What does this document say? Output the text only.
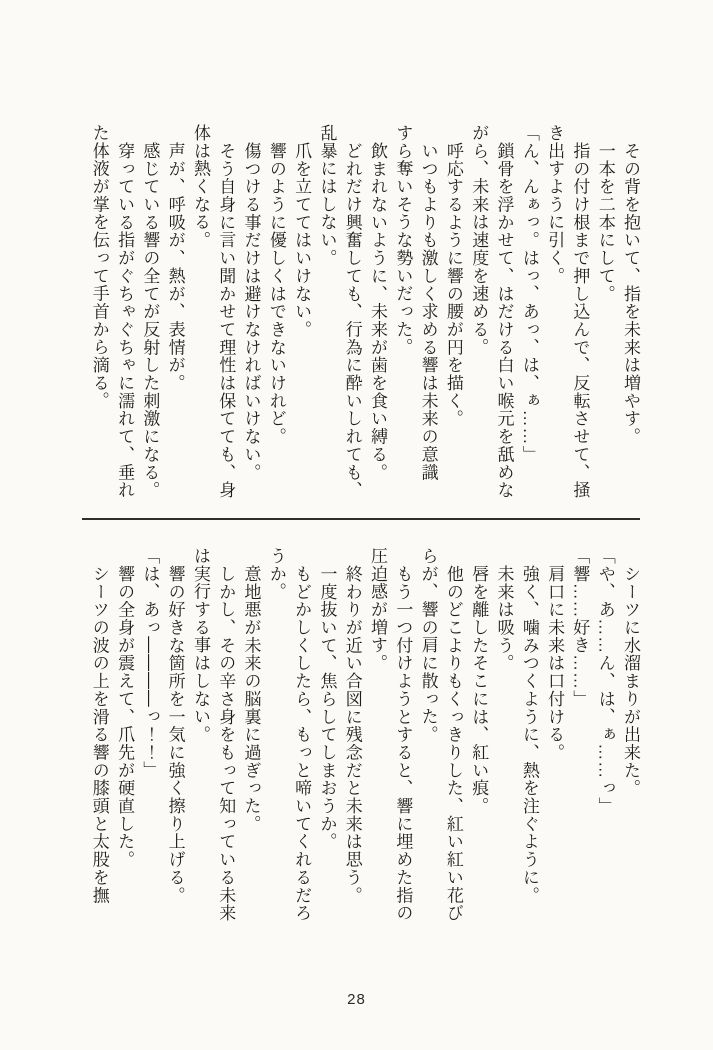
その背を抱いて、指を未来は増やす。
一本を二本にして。
指の付け根まで押し込んで、反転させて、掻
き出すように引く。
「ん、んぁっ。はっ、あっ、は、ぁ……」
鎖骨を浮かせて、はだける白い喉元を舐めな
がら、未来は速度を速める。
呼応するように響の腰が円を描く。
いつもよりも激しく求める響は未来の意識
すら奪いそうな勢いだった。
飲まれないように、未来が歯を食い縛る。
どれだけ興奮しても、行為に酔いしれても、
乱暴にはしない。
爪を立ててはいけない。
響のように優しくはできないけれど。
傷つける事だけは避けなければいけない。
そう自身に言い聞かせて理性は保てても、身
体は熱くなる。
声が、呼吸が、熱が、表情が。
感じている響の全てが反射した刺激になる。
穿っている指がぐちゃぐちゃに濡れて、垂れ
た体液が掌を伝って手首から滴る。
シーツに水溜まりが出来た。
「や、あ……ん、は、ぁ……っ」
「響……好き……」
肩口に未来は口付ける。
強く、噛みつくように、熱を注ぐように。
未来は吸う。
唇を離したそこには、紅い痕。
他のどこよりもくっきりした、紅い紅い花び
らが、響の肩に散った。
もう一つ付けようとすると、響に埋めた指の
圧迫感が増す。
終わりが近い合図に残念だと未来は思う。
一度抜いて、焦らしてしまおうか。
もどかしくしたら、もっと啼いてくれるだろ
うか。
意地悪が未来の脳裏に過ぎった。
しかし、その辛さ身をもって知っている未来
は実行する事はしない。
響の好きな箇所を一気に強く擦り上げる。
「は、あっ――――っ！！」
響の全身が震えて、爪先が硬直した。
シーツの波の上を滑る響の膝頭と太股を撫
28
